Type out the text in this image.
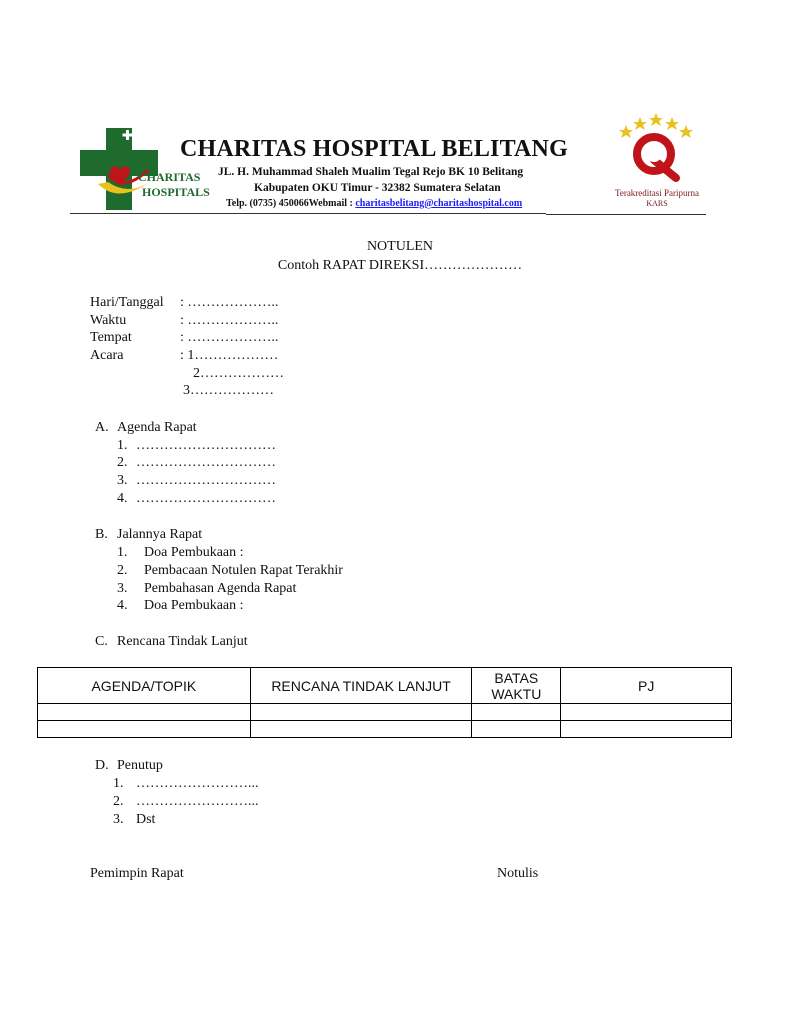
CHARITAS
HOSPITALS
CHARITAS HOSPITAL BELITANG
JL. H. Muhammad Shaleh Mualim Tegal Rejo BK 10 Belitang
Kabupaten OKU Timur - 32382 Sumatera Selatan
Telp. (0735) 450066Webmail : charitasbelitang@charitashospital.com
Terakreditasi Paripurna
KARS
NOTULEN
Contoh RAPAT DIREKSI…………………
Hari/Tanggal : ………………..
Waktu	: ………………..
Tempat	: ………………..
Acara	: 1………………
2………………
3………………
A. Agenda Rapat
1. …………………………
2. …………………………
3. …………………………
4. …………………………
B. Jalannya Rapat
1. Doa Pembukaan :
2. Pembacaan Notulen Rapat Terakhir
3. Pembahasan Agenda Rapat
4. Doa Pembukaan :
C. Rencana Tindak Lanjut
AGENDA/TOPIK	RENCANA TINDAK LANJUT	BATAS WAKTU	PJ

D. Penutup
1. ……………………...
2. ……………………...
3. Dst
Pemimpin Rapat	Notulis
